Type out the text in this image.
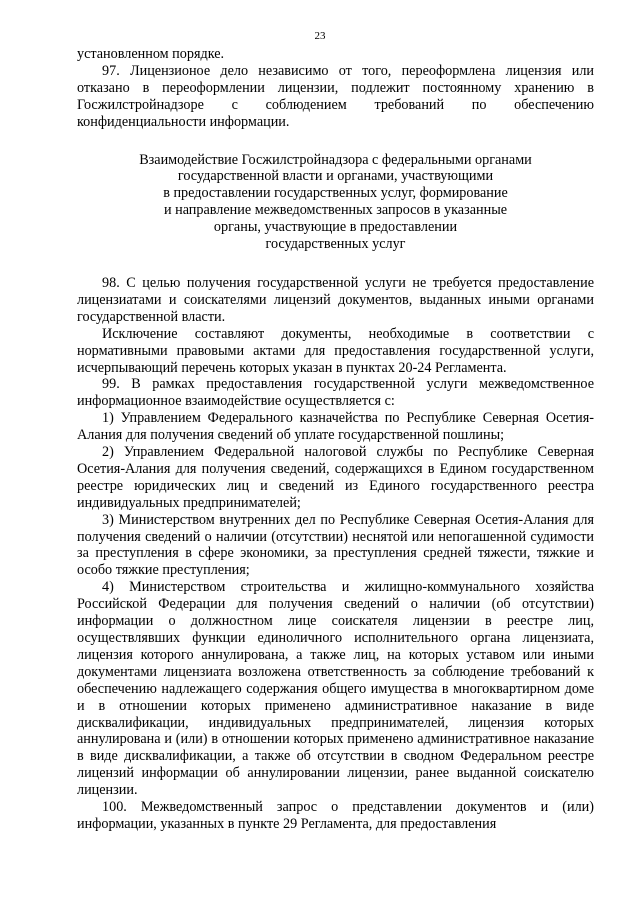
23

установленном порядке.

97. Лицензионое дело независимо от того, переоформлена лицензия или отказано в переоформлении лицензии, подлежит постоянному хранению в Госжилстройнадзоре с соблюдением требований по обеспечению конфиденциальности информации.

Взаимодействие Госжилстройнадзора с федеральными органами
государственной власти и органами, участвующими
в предоставлении государственных услуг, формирование
и направление межведомственных запросов в указанные
органы, участвующие в предоставлении
государственных услуг

98. С целью получения государственной услуги не требуется предоставление лицензиатами и соискателями лицензий документов, выданных иными органами государственной власти.

Исключение составляют документы, необходимые в соответствии с нормативными правовыми актами для предоставления государственной услуги, исчерпывающий перечень которых указан в пунктах 20-24 Регламента.

99. В рамках предоставления государственной услуги межведомственное информационное взаимодействие осуществляется с:

1) Управлением Федерального казначейства по Республике Северная Осетия-Алания для получения сведений об уплате государственной пошлины;

2) Управлением Федеральной налоговой службы по Республике Северная Осетия-Алания для получения сведений, содержащихся в Едином государственном реестре юридических лиц и сведений из Единого государственного реестра индивидуальных предпринимателей;

3) Министерством внутренних дел по Республике Северная Осетия-Алания для получения сведений о наличии (отсутствии) неснятой или непогашенной судимости за преступления в сфере экономики, за преступления средней тяжести, тяжкие и особо тяжкие преступления;

4) Министерством строительства и жилищно-коммунального хозяйства Российской Федерации для получения сведений о наличии (об отсутствии) информации о должностном лице соискателя лицензии в реестре лиц, осуществлявших функции единоличного исполнительного органа лицензиата, лицензия которого аннулирована, а также лиц, на которых уставом или иными документами лицензиата возложена ответственность за соблюдение требований к обеспечению надлежащего содержания общего имущества в многоквартирном доме и в отношении которых применено административное наказание в виде дисквалификации, индивидуальных предпринимателей, лицензия которых аннулирована и (или) в отношении которых применено административное наказание в виде дисквалификации, а также об отсутствии в сводном Федеральном реестре лицензий информации об аннулировании лицензии, ранее выданной соискателю лицензии.

100. Межведомственный запрос о представлении документов и (или) информации, указанных в пункте 29 Регламента, для предоставления
